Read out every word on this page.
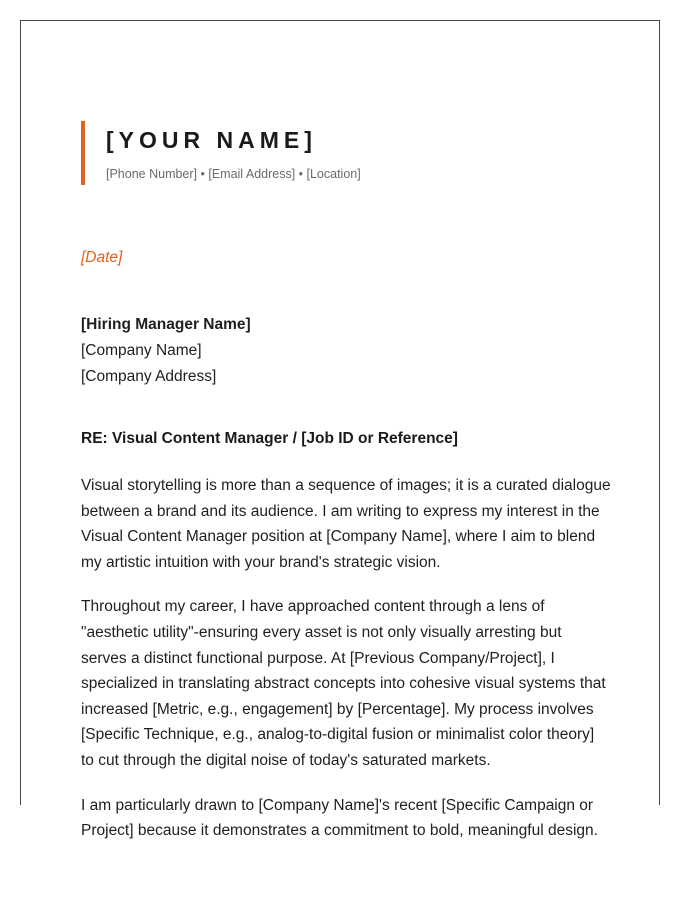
[YOUR NAME]
[Phone Number] • [Email Address] • [Location]
[Date]
[Hiring Manager Name]
[Company Name]
[Company Address]
RE: Visual Content Manager / [Job ID or Reference]

Visual storytelling is more than a sequence of images; it is a curated dialogue between a brand and its audience. I am writing to express my interest in the Visual Content Manager position at [Company Name], where I aim to blend my artistic intuition with your brand's strategic vision.

Throughout my career, I have approached content through a lens of "aesthetic utility"-ensuring every asset is not only visually arresting but serves a distinct functional purpose. At [Previous Company/Project], I specialized in translating abstract concepts into cohesive visual systems that increased [Metric, e.g., engagement] by [Percentage]. My process involves [Specific Technique, e.g., analog-to-digital fusion or minimalist color theory] to cut through the digital noise of today's saturated markets.

I am particularly drawn to [Company Name]'s recent [Specific Campaign or Project] because it demonstrates a commitment to bold, meaningful design.
